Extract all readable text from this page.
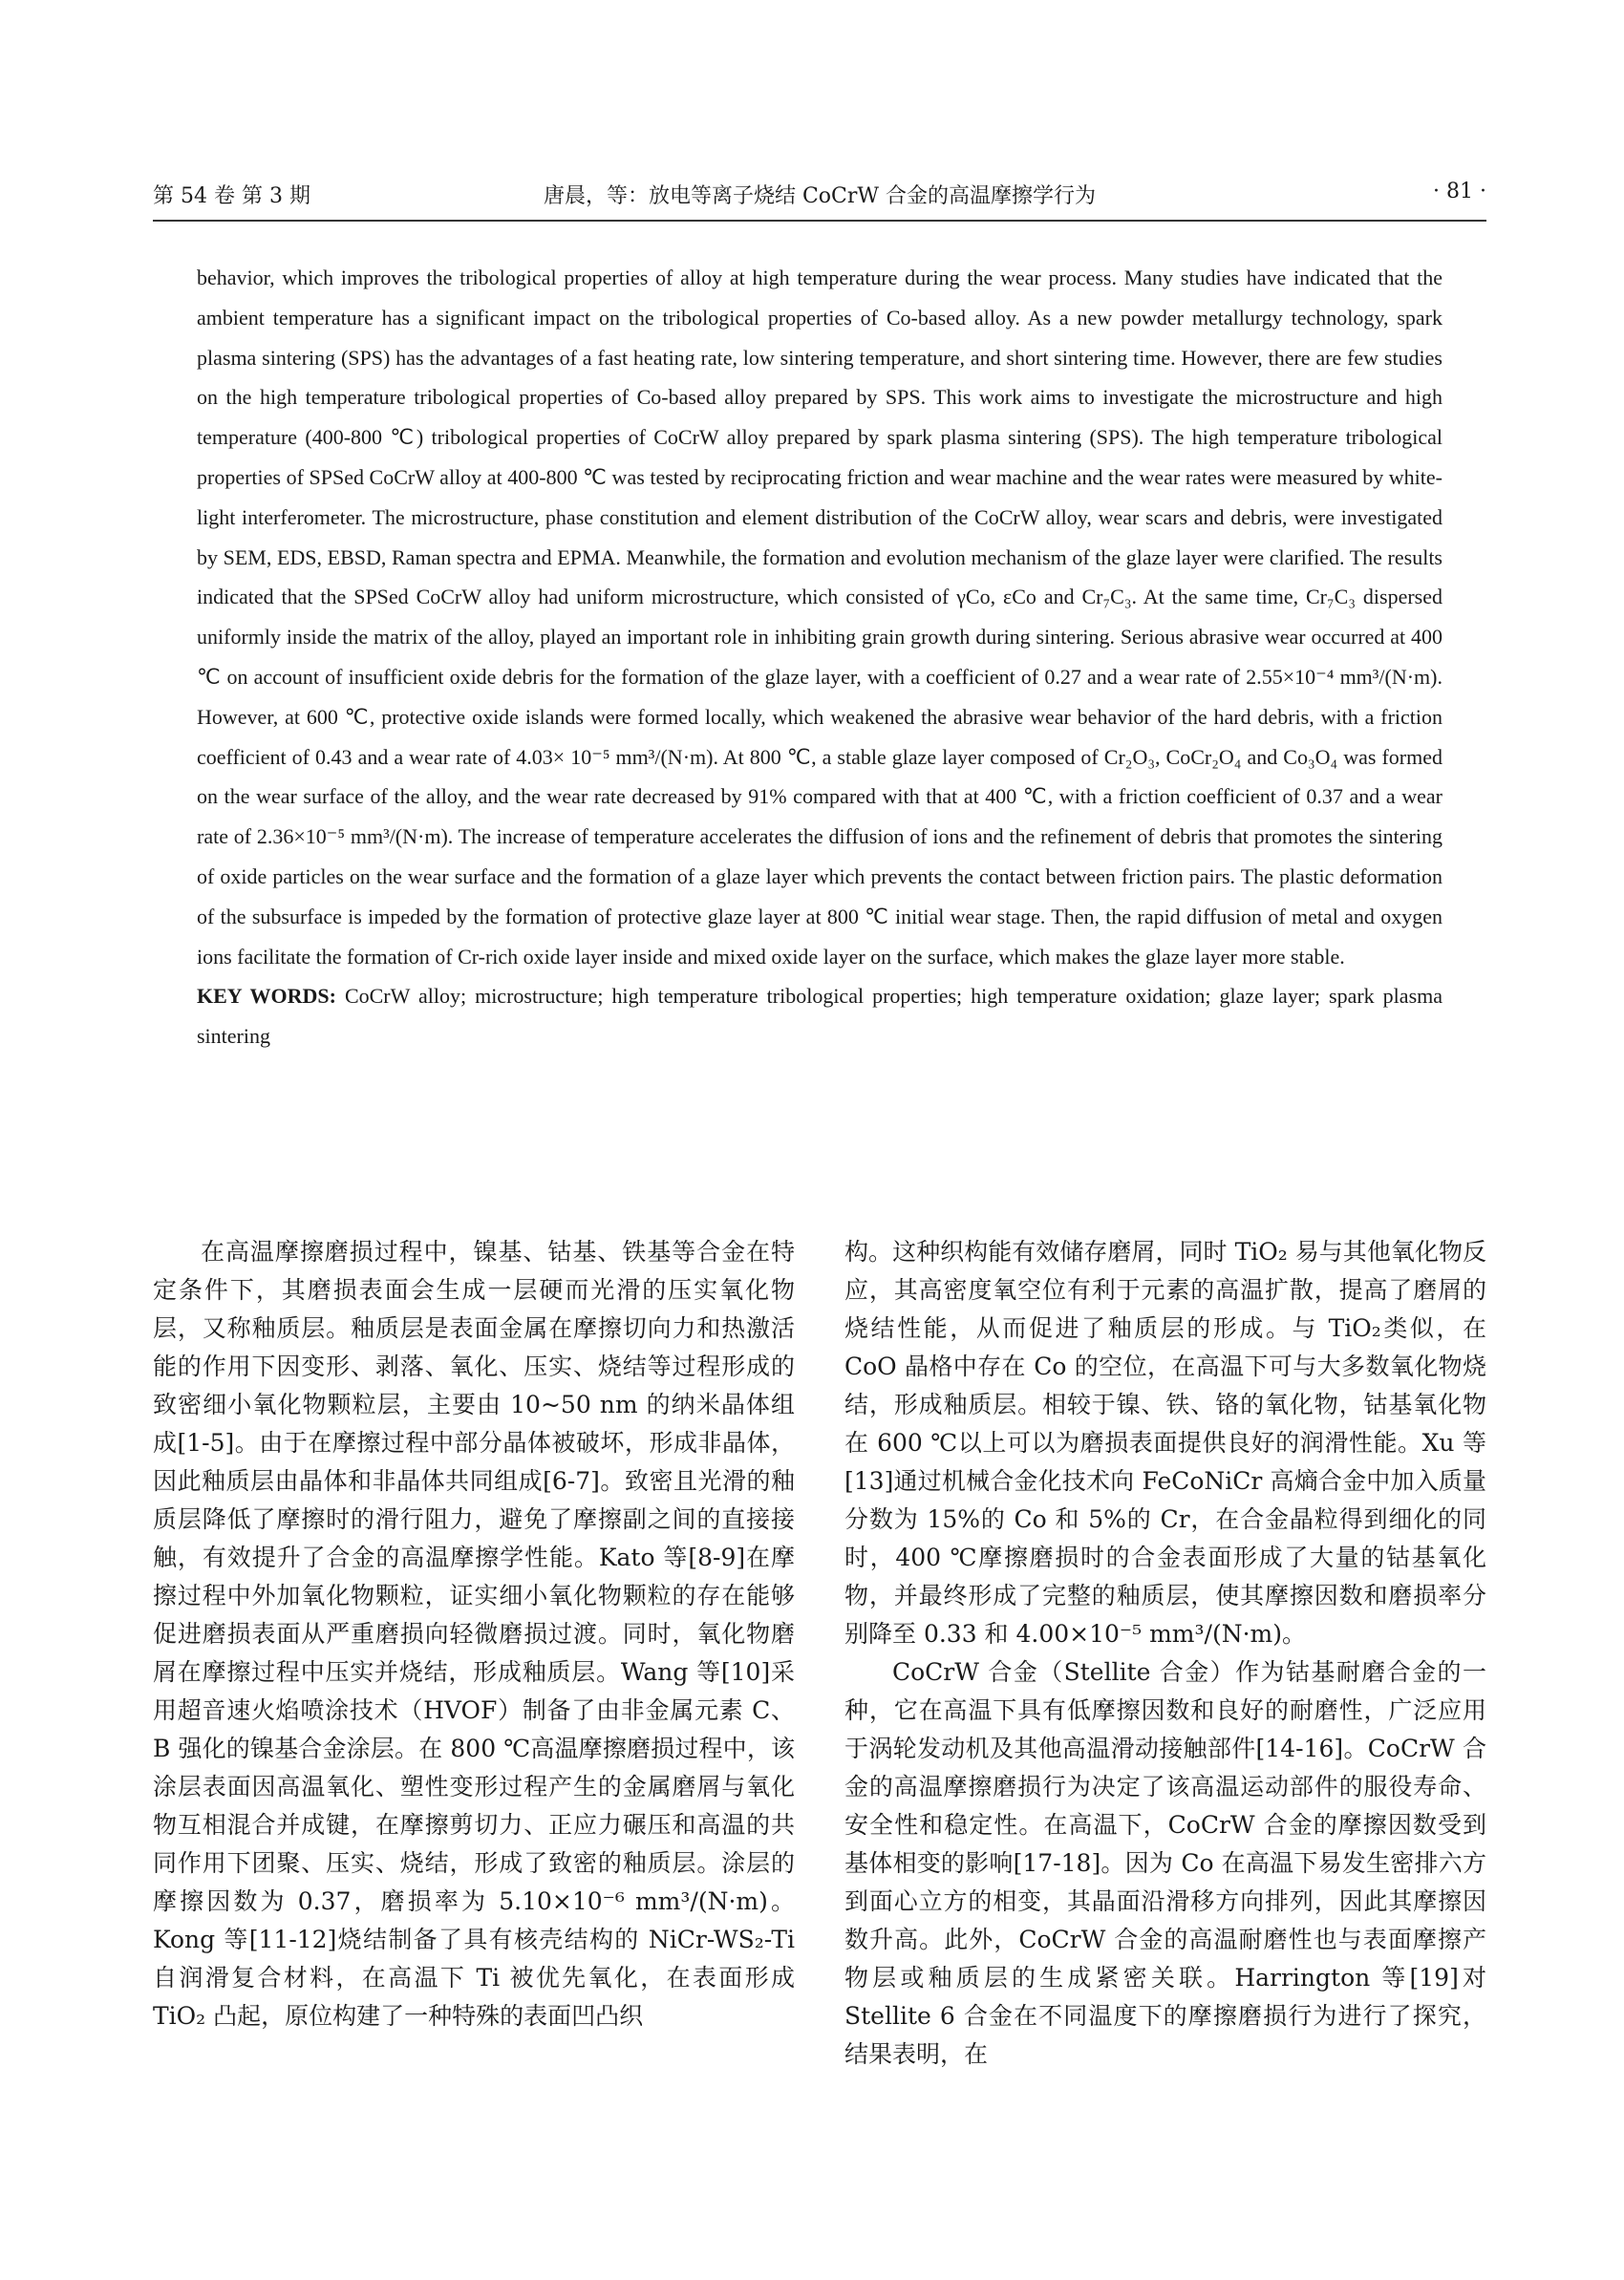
第 54 卷 第 3 期	唐晨，等：放电等离子烧结 CoCrW 合金的高温摩擦学行为	· 81 ·

behavior, which improves the tribological properties of alloy at high temperature during the wear process. Many studies have indicated that the ambient temperature has a significant impact on the tribological properties of Co-based alloy. As a new powder metallurgy technology, spark plasma sintering (SPS) has the advantages of a fast heating rate, low sintering temperature, and short sintering time. However, there are few studies on the high temperature tribological properties of Co-based alloy prepared by SPS. This work aims to investigate the microstructure and high temperature (400-800 ℃) tribological properties of CoCrW alloy prepared by spark plasma sintering (SPS). The high temperature tribological properties of SPSed CoCrW alloy at 400-800 ℃ was tested by reciprocating friction and wear machine and the wear rates were measured by white-light interferometer. The microstructure, phase constitution and element distribution of the CoCrW alloy, wear scars and debris, were investigated by SEM, EDS, EBSD, Raman spectra and EPMA. Meanwhile, the formation and evolution mechanism of the glaze layer were clarified. The results indicated that the SPSed CoCrW alloy had uniform microstructure, which consisted of γCo, εCo and Cr₇C₃. At the same time, Cr₇C₃ dispersed uniformly inside the matrix of the alloy, played an important role in inhibiting grain growth during sintering. Serious abrasive wear occurred at 400 ℃ on account of insufficient oxide debris for the formation of the glaze layer, with a coefficient of 0.27 and a wear rate of 2.55×10⁻⁴ mm³/(N·m). However, at 600 ℃, protective oxide islands were formed locally, which weakened the abrasive wear behavior of the hard debris, with a friction coefficient of 0.43 and a wear rate of 4.03× 10⁻⁵ mm³/(N·m). At 800 ℃, a stable glaze layer composed of Cr₂O₃, CoCr₂O₄ and Co₃O₄ was formed on the wear surface of the alloy, and the wear rate decreased by 91% compared with that at 400 ℃, with a friction coefficient of 0.37 and a wear rate of 2.36×10⁻⁵ mm³/(N·m). The increase of temperature accelerates the diffusion of ions and the refinement of debris that promotes the sintering of oxide particles on the wear surface and the formation of a glaze layer which prevents the contact between friction pairs. The plastic deformation of the subsurface is impeded by the formation of protective glaze layer at 800 ℃ initial wear stage. Then, the rapid diffusion of metal and oxygen ions facilitate the formation of Cr-rich oxide layer inside and mixed oxide layer on the surface, which makes the glaze layer more stable.

KEY WORDS: CoCrW alloy; microstructure; high temperature tribological properties; high temperature oxidation; glaze layer; spark plasma sintering

在高温摩擦磨损过程中，镍基、钴基、铁基等合金在特定条件下，其磨损表面会生成一层硬而光滑的压实氧化物层，又称釉质层。釉质层是表面金属在摩擦切向力和热激活能的作用下因变形、剥落、氧化、压实、烧结等过程形成的致密细小氧化物颗粒层，主要由 10~50 nm 的纳米晶体组成[1-5]。由于在摩擦过程中部分晶体被破坏，形成非晶体，因此釉质层由晶体和非晶体共同组成[6-7]。致密且光滑的釉质层降低了摩擦时的滑行阻力，避免了摩擦副之间的直接接触，有效提升了合金的高温摩擦学性能。Kato 等[8-9]在摩擦过程中外加氧化物颗粒，证实细小氧化物颗粒的存在能够促进磨损表面从严重磨损向轻微磨损过渡。同时，氧化物磨屑在摩擦过程中压实并烧结，形成釉质层。Wang 等[10]采用超音速火焰喷涂技术（HVOF）制备了由非金属元素 C、B 强化的镍基合金涂层。在 800 ℃高温摩擦磨损过程中，该涂层表面因高温氧化、塑性变形过程产生的金属磨屑与氧化物互相混合并成键，在摩擦剪切力、正应力碾压和高温的共同作用下团聚、压实、烧结，形成了致密的釉质层。涂层的摩擦因数为 0.37，磨损率为 5.10×10⁻⁶ mm³/(N·m)。Kong 等[11-12]烧结制备了具有核壳结构的 NiCr-WS₂-Ti 自润滑复合材料，在高温下 Ti 被优先氧化，在表面形成 TiO₂ 凸起，原位构建了一种特殊的表面凹凸织

构。这种织构能有效储存磨屑，同时 TiO₂ 易与其他氧化物反应，其高密度氧空位有利于元素的高温扩散，提高了磨屑的烧结性能，从而促进了釉质层的形成。与 TiO₂类似，在 CoO 晶格中存在 Co 的空位，在高温下可与大多数氧化物烧结，形成釉质层。相较于镍、铁、铬的氧化物，钴基氧化物在 600 ℃以上可以为磨损表面提供良好的润滑性能。Xu 等[13]通过机械合金化技术向 FeCoNiCr 高熵合金中加入质量分数为 15%的 Co 和 5%的 Cr，在合金晶粒得到细化的同时，400 ℃摩擦磨损时的合金表面形成了大量的钴基氧化物，并最终形成了完整的釉质层，使其摩擦因数和磨损率分别降至 0.33 和 4.00×10⁻⁵ mm³/(N·m)。

CoCrW 合金（Stellite 合金）作为钴基耐磨合金的一种，它在高温下具有低摩擦因数和良好的耐磨性，广泛应用于涡轮发动机及其他高温滑动接触部件[14-16]。CoCrW 合金的高温摩擦磨损行为决定了该高温运动部件的服役寿命、安全性和稳定性。在高温下，CoCrW 合金的摩擦因数受到基体相变的影响[17-18]。因为 Co 在高温下易发生密排六方到面心立方的相变，其晶面沿滑移方向排列，因此其摩擦因数升高。此外，CoCrW 合金的高温耐磨性也与表面摩擦产物层或釉质层的生成紧密关联。Harrington 等[19]对 Stellite 6 合金在不同温度下的摩擦磨损行为进行了探究，结果表明，在
